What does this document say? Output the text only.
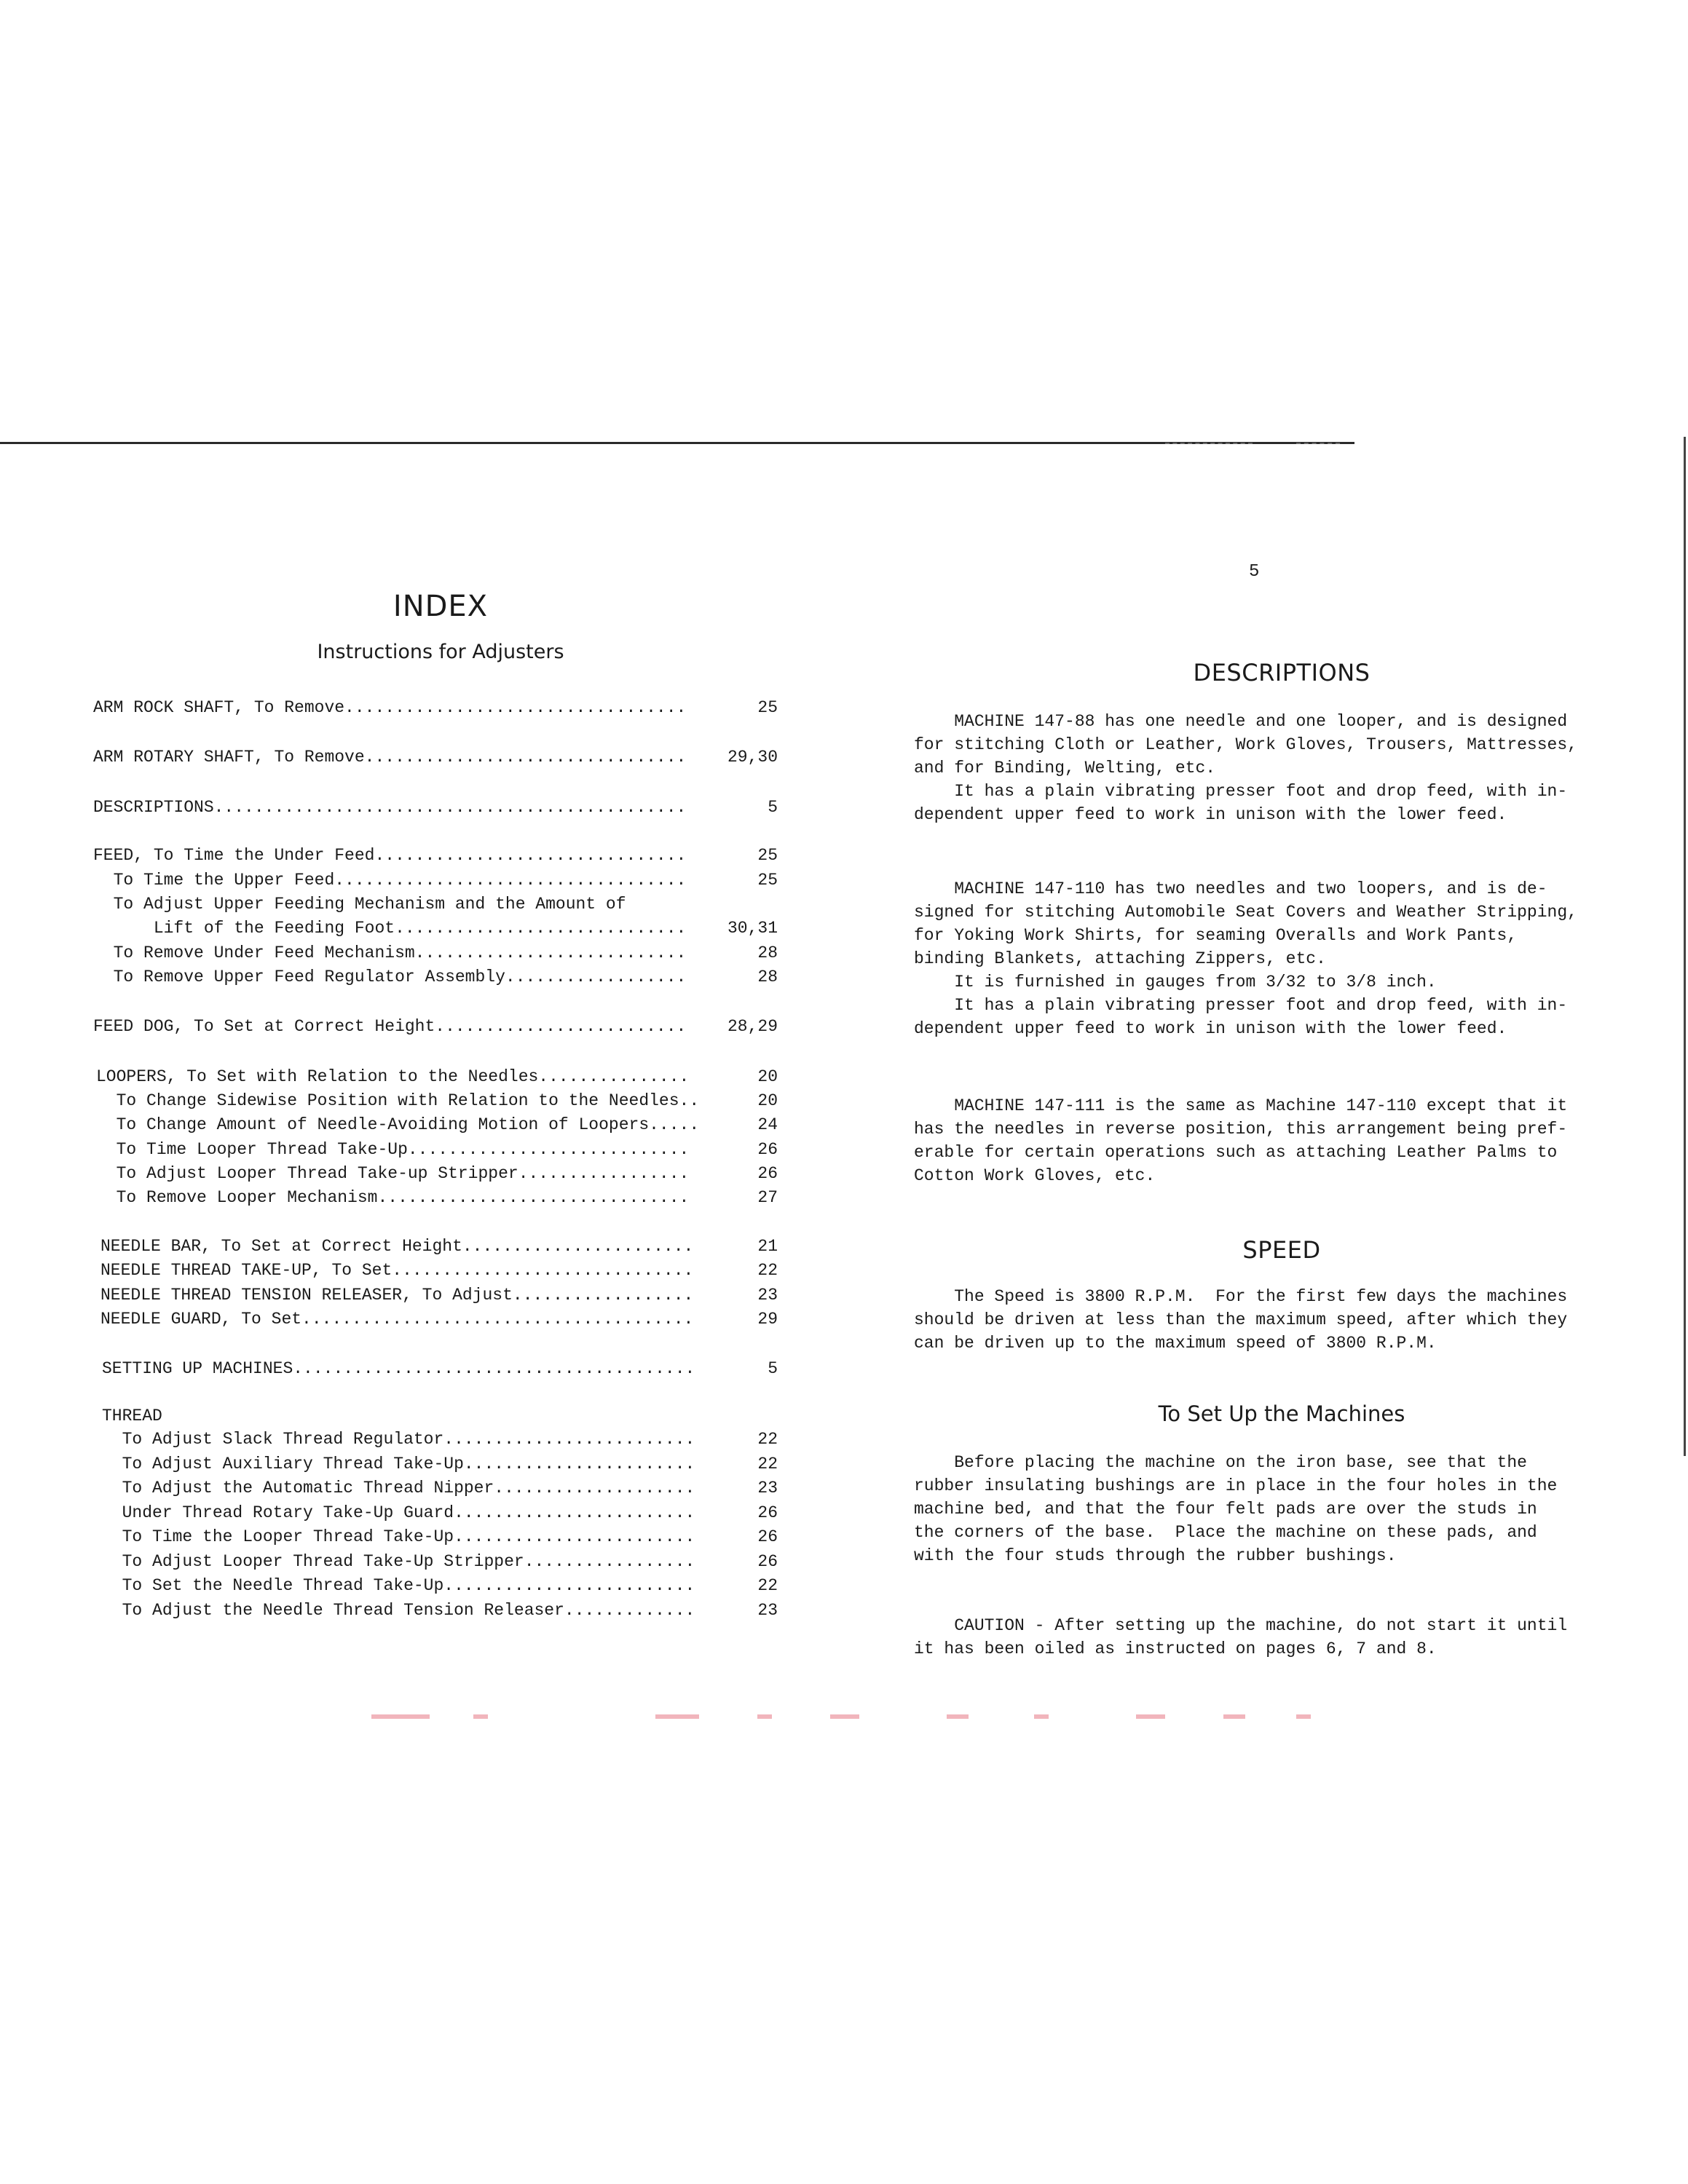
INDEX
Instructions for Adjusters
ARM ROCK SHAFT, To Remove..................................	25
ARM ROTARY SHAFT, To Remove................................	29,30
DESCRIPTIONS...............................................	5
FEED, To Time the Under Feed...............................	25
To Time the Upper Feed...................................	25
To Adjust Upper Feeding Mechanism and the Amount of
Lift of the Feeding Foot.............................	30,31
To Remove Under Feed Mechanism...........................	28
To Remove Upper Feed Regulator Assembly..................	28
FEED DOG, To Set at Correct Height.........................	28,29
LOOPERS, To Set with Relation to the Needles...............	20
To Change Sidewise Position with Relation to the Needles..	20
To Change Amount of Needle-Avoiding Motion of Loopers.....	24
To Time Looper Thread Take-Up............................	26
To Adjust Looper Thread Take-up Stripper.................	26
To Remove Looper Mechanism...............................	27
NEEDLE BAR, To Set at Correct Height.......................	21
NEEDLE THREAD TAKE-UP, To Set..............................	22
NEEDLE THREAD TENSION RELEASER, To Adjust..................	23
NEEDLE GUARD, To Set.......................................	29
SETTING UP MACHINES........................................	5
THREAD
To Adjust Slack Thread Regulator.........................	22
To Adjust Auxiliary Thread Take-Up.......................	22
To Adjust the Automatic Thread Nipper....................	23
Under Thread Rotary Take-Up Guard........................	26
To Time the Looper Thread Take-Up........................	26
To Adjust Looper Thread Take-Up Stripper.................	26
To Set the Needle Thread Take-Up.........................	22
To Adjust the Needle Thread Tension Releaser.............	23
5
DESCRIPTIONS
MACHINE 147-88 has one needle and one looper, and is designed
for stitching Cloth or Leather, Work Gloves, Trousers, Mattresses,
and for Binding, Welting, etc.
It has a plain vibrating presser foot and drop feed, with in-
dependent upper feed to work in unison with the lower feed.
MACHINE 147-110 has two needles and two loopers, and is de-
signed for stitching Automobile Seat Covers and Weather Stripping,
for Yoking Work Shirts, for seaming Overalls and Work Pants,
binding Blankets, attaching Zippers, etc.
It is furnished in gauges from 3/32 to 3/8 inch.
It has a plain vibrating presser foot and drop feed, with in-
dependent upper feed to work in unison with the lower feed.
MACHINE 147-111 is the same as Machine 147-110 except that it
has the needles in reverse position, this arrangement being pref-
erable for certain operations such as attaching Leather Palms to
Cotton Work Gloves, etc.
SPEED
The Speed is 3800 R.P.M.  For the first few days the machines
should be driven at less than the maximum speed, after which they
can be driven up to the maximum speed of 3800 R.P.M.
To Set Up the Machines
Before placing the machine on the iron base, see that the
rubber insulating bushings are in place in the four holes in the
machine bed, and that the four felt pads are over the studs in
the corners of the base.  Place the machine on these pads, and
with the four studs through the rubber bushings.
CAUTION - After setting up the machine, do not start it until
it has been oiled as instructed on pages 6, 7 and 8.
